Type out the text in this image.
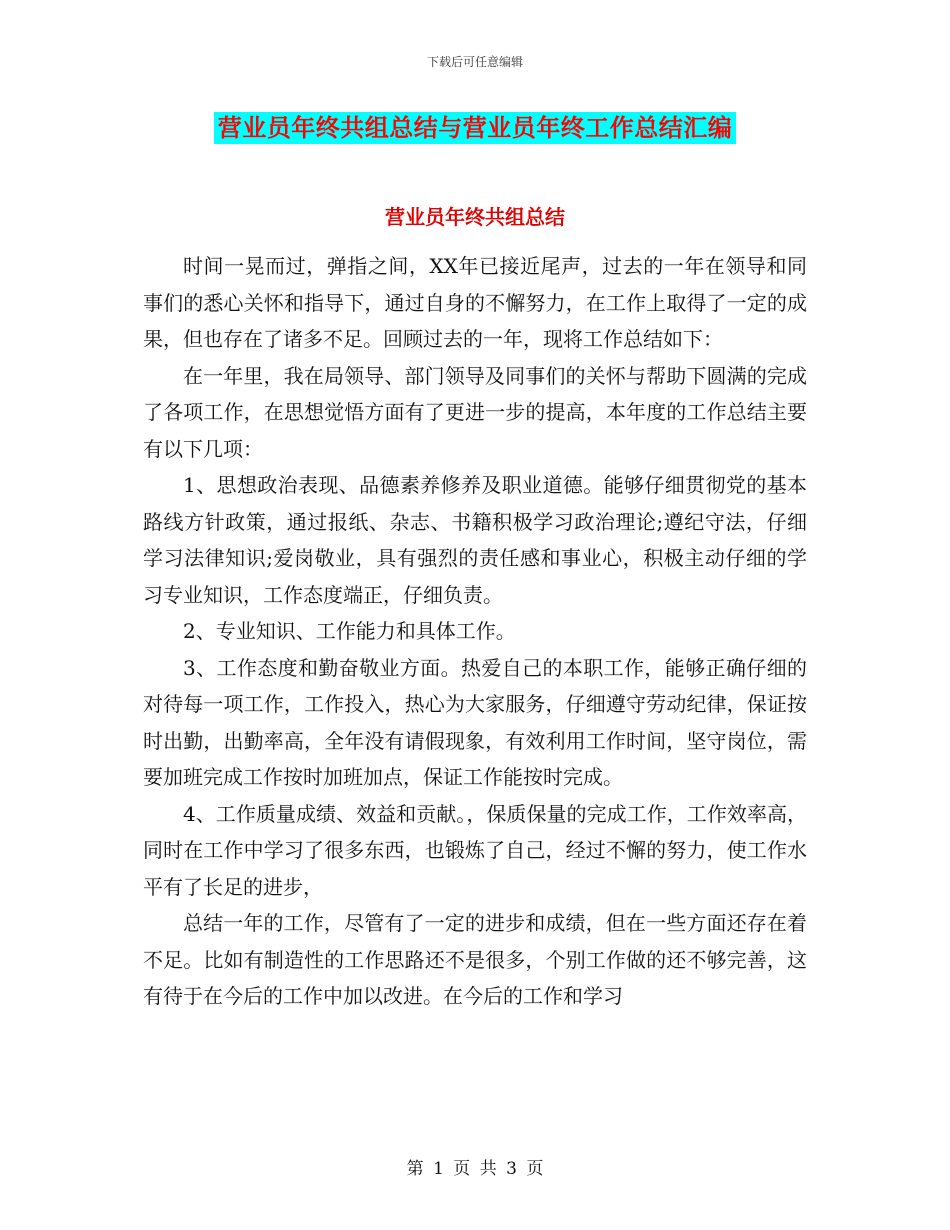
下载后可任意编辑
营业员年终共组总结与营业员年终工作总结汇编
营业员年终共组总结

时间一晃而过，弹指之间，XX年已接近尾声，过去的一年在领导和同事们的悉心关怀和指导下，通过自身的不懈努力，在工作上取得了一定的成果，但也存在了诸多不足。回顾过去的一年，现将工作总结如下：

在一年里，我在局领导、部门领导及同事们的关怀与帮助下圆满的完成了各项工作，在思想觉悟方面有了更进一步的提高，本年度的工作总结主要有以下几项：

1、思想政治表现、品德素养修养及职业道德。能够仔细贯彻党的基本路线方针政策，通过报纸、杂志、书籍积极学习政治理论;遵纪守法，仔细学习法律知识;爱岗敬业，具有强烈的责任感和事业心，积极主动仔细的学习专业知识，工作态度端正，仔细负责。

2、专业知识、工作能力和具体工作。

3、工作态度和勤奋敬业方面。热爱自己的本职工作，能够正确仔细的对待每一项工作，工作投入，热心为大家服务，仔细遵守劳动纪律，保证按时出勤，出勤率高，全年没有请假现象，有效利用工作时间，坚守岗位，需要加班完成工作按时加班加点，保证工作能按时完成。

4、工作质量成绩、效益和贡献。，保质保量的完成工作，工作效率高，同时在工作中学习了很多东西，也锻炼了自己，经过不懈的努力，使工作水平有了长足的进步，

总结一年的工作，尽管有了一定的进步和成绩，但在一些方面还存在着不足。比如有制造性的工作思路还不是很多，个别工作做的还不够完善，这有待于在今后的工作中加以改进。在今后的工作和学习

第 1 页 共 3 页
